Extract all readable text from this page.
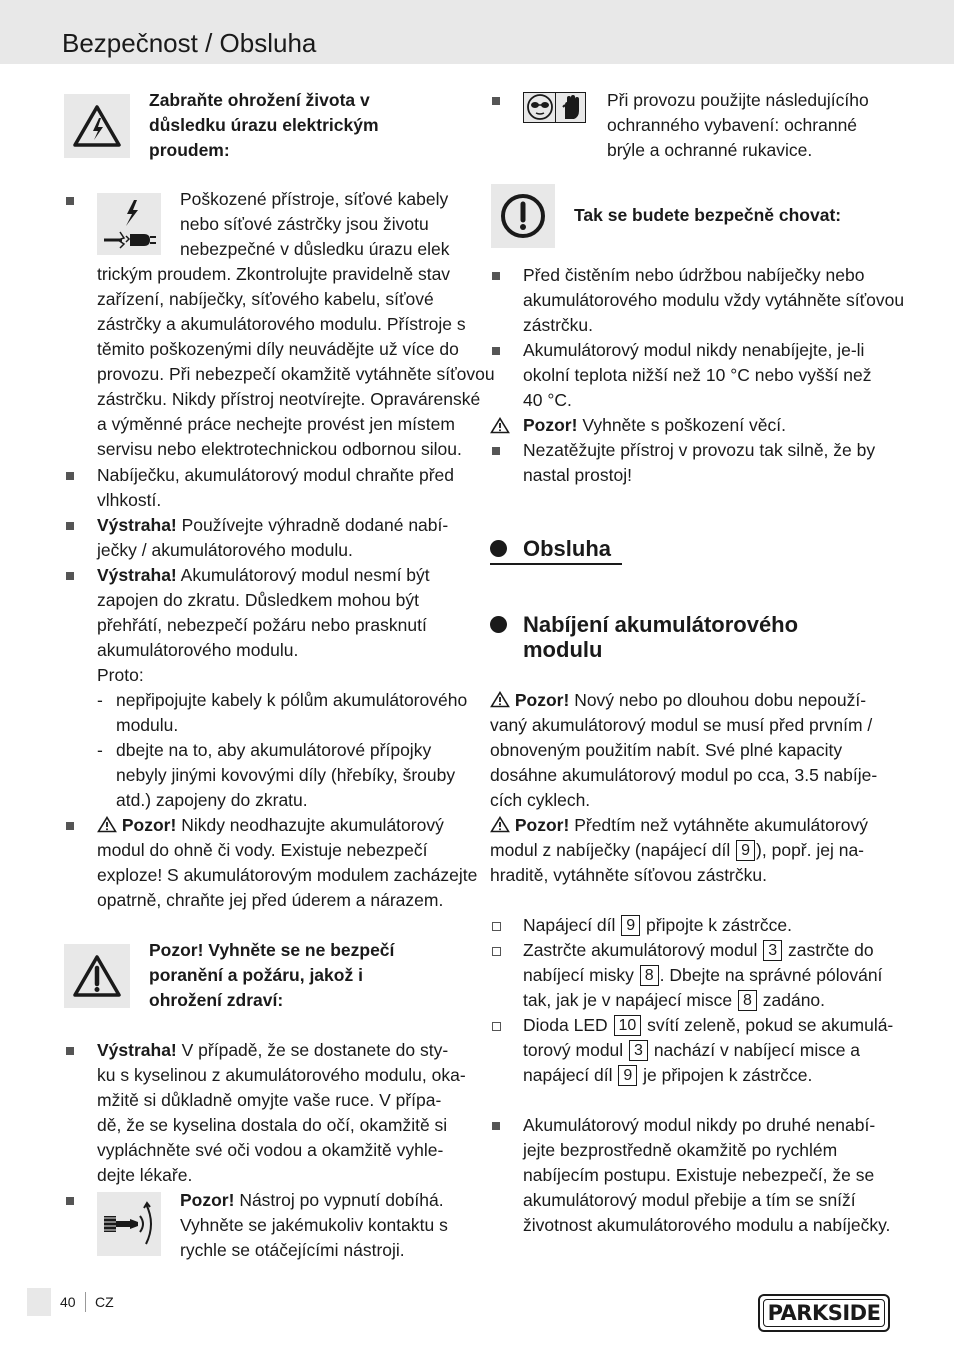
Bezpečnost / Obsluha
Zabraňte ohrožení života v
důsledku úrazu elektrickým
proudem:
Poškozené přístroje, síťové kabely
nebo síťové zástrčky jsou životu
nebezpečné v důsledku úrazu elek
trickým proudem. Zkontrolujte pravidelně stav
zařízení, nabíječky, síťového kabelu, síťové
zástrčky a akumulátorového modulu. Přístroje s
těmito poškozenými díly neuvádějte už více do
provozu. Při nebezpečí okamžitě vytáhněte síťovou
zástrčku. Nikdy přístroj neotvírejte. Opravárenské
a výměnné práce nechejte provést jen místem
servisu nebo elektrotechnickou odbornou silou.
Nabíječku, akumulátorový modul chraňte před
vlhkostí.
Výstraha! Používejte výhradně dodané nabí-
ječky / akumulátorového modulu.
Výstraha! Akumulátorový modul nesmí být
zapojen do zkratu. Důsledkem mohou být
přehřátí, nebezpečí požáru nebo prasknutí
akumulátorového modulu.
Proto:
- nepřipojujte kabely k pólům akumulátorového
modulu.
- dbejte na to, aby akumulátorové přípojky
nebyly jinými kovovými díly (hřebíky, šrouby
atd.) zapojeny do zkratu.
Pozor! Nikdy neodhazujte akumulátorový
modul do ohně či vody. Existuje nebezpečí
exploze! S akumulátorovým modulem zacházejte
opatrně, chraňte jej před úderem a nárazem.
Pozor! Vyhněte se ne bezpečí
poranění a požáru, jakož i
ohrožení zdraví:
Výstraha! V případě, že se dostanete do sty-
ku s kyselinou z akumulátorového modulu, oka-
mžitě si důkladně omyjte vaše ruce. V přípa-
dě, že se kyselina dostala do očí, okamžitě si
vypláchněte své oči vodou a okamžitě vyhle-
dejte lékaře.
Pozor! Nástroj po vypnutí dobíhá.
Vyhněte se jakémukoliv kontaktu s
rychle se otáčejícími nástroji.
Při provozu použijte následujícího
ochranného vybavení: ochranné
brýle a ochranné rukavice.
Tak se budete bezpečně chovat:
Před čistěním nebo údržbou nabíječky nebo
akumulátorového modulu vždy vytáhněte síťovou
zástrčku.
Akumulátorový modul nikdy nenabíjejte, je-li
okolní teplota nižší než 10 °C nebo vyšší než
40 °C.
Pozor! Vyhněte s poškození věcí.
Nezatěžujte přístroj v provozu tak silně, že by
nastal prostoj!
Obsluha
Nabíjení akumulátorového
modulu
Pozor! Nový nebo po dlouhou dobu nepouží-
vaný akumulátorový modul se musí před prvním /
obnoveným použitím nabít. Své plné kapacity
dosáhne akumulátorový modul po cca, 3.5 nabíje-
cích cyklech.
Pozor! Předtím než vytáhněte akumulátorový
modul z nabíječky (napájecí díl 9 ), popř. jej na-
hraditě, vytáhněte síťovou zástrčku.
Napájecí díl 9 připojte k zástrčce.
Zastrčte akumulátorový modul 3 zastrčte do
nabíjecí misky 8 . Dbejte na správné pólování
tak, jak je v napájecí misce 8 zadáno.
Dioda LED 10 svítí zeleně, pokud se akumulá-
torový modul 3 nachází v nabíjecí misce a
napájecí díl 9 je připojen k zástrčce.
Akumulátorový modul nikdy po druhé nenabí-
jejte bezprostředně okamžitě po rychlém
nabíjecím postupu. Existuje nebezpečí, že se
akumulátorový modul přebije a tím se sníží
životnost akumulátorového modulu a nabíječky.
40 CZ	PARKSIDE
